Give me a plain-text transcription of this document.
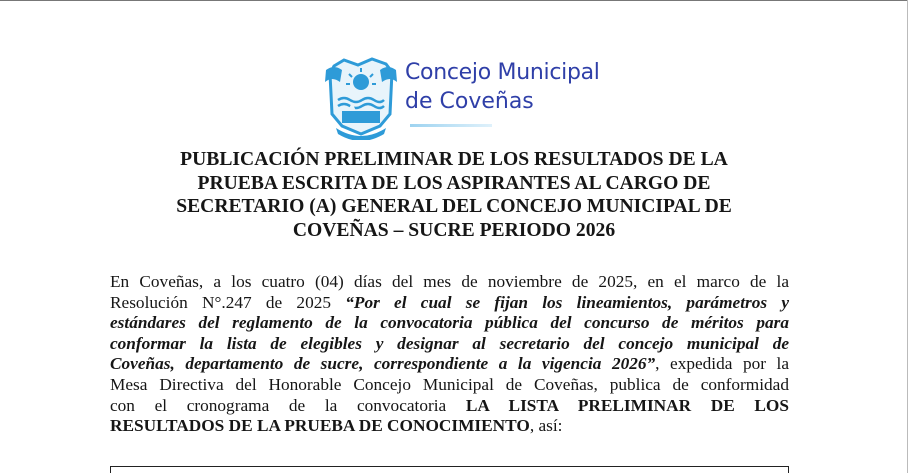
Concejo Municipal
de Coveñas
PUBLICACIÓN PRELIMINAR DE LOS RESULTADOS DE LA
PRUEBA ESCRITA DE LOS ASPIRANTES AL CARGO DE
SECRETARIO (A) GENERAL DEL CONCEJO MUNICIPAL DE
COVEÑAS – SUCRE PERIODO 2026
En Coveñas, a los cuatro (04) días del mes de noviembre de 2025, en el marco de la
Resolución N°.247 de 2025 “Por el cual se fijan los lineamientos, parámetros y
estándares del reglamento de la convocatoria pública del concurso de méritos para
conformar la lista de elegibles y designar al secretario del concejo municipal de
Coveñas, departamento de sucre, correspondiente a la vigencia 2026”, expedida por la
Mesa Directiva del Honorable Concejo Municipal de Coveñas, publica de conformidad
con el cronograma de la convocatoria LA LISTA PRELIMINAR DE LOS
RESULTADOS DE LA PRUEBA DE CONOCIMIENTO, así:
